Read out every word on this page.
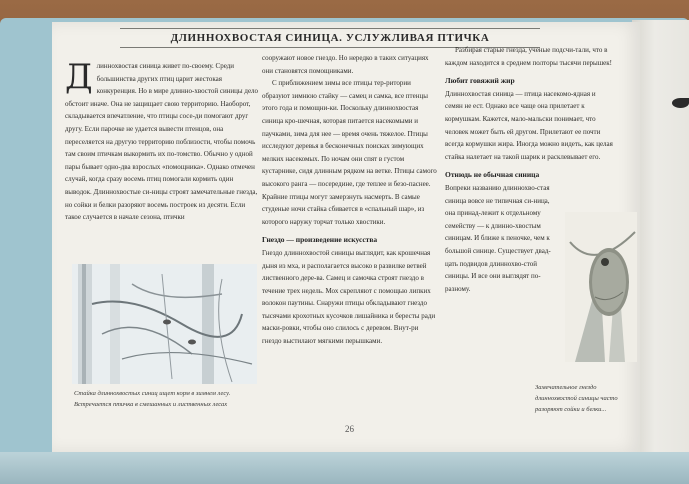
ДЛИННОХВОСТАЯ СИНИЦА. УСЛУЖЛИВАЯ ПТИЧКА
Длиннохвостая синица живет по-своему. Среди большинства других птиц царит жестокая конкуренция. Но в мире длинно-хвостой синицы дело обстоит иначе. Она не защищает свою территорию. Наоборот, складывается впечатление, что птицы сосе-ди помогают друг другу. Если парочке не удается вывести птенцов, она переселяется на другую территорию поблизости, чтобы помочь там своим птичкам выкормить их по-томство. Обычно у одной пары бывает одно-два взрослых «помощника». Однако отмечен случай, когда сразу восемь птиц помогали кормить один выводок. Длиннохвостые си-ницы строят замечательные гнезда, но сойки и белки разоряют восемь построек из десяти. Если такое случается в начале сезона, птички
Стайка длиннохвостых синиц ищет корм в зимнем лесу. Встречается птичка в смешанных и лиственных лесах
сооружают новое гнездо. Но нередко в таких ситуациях они становятся помощниками.
С приближением зимы все птицы тер-ритории образуют зимнюю стайку — самец и самка, все птенцы этого года и помощни-ки. Поскольку длиннохвостая синица кро-шечная, которая питается насекомыми и паучками, зима для нее — время очень тяжелое. Птицы исследуют деревья в бесконечных поисках зимующих мелких насекомых. По ночам они спят в густом кустарнике, сидя длинным рядком на ветке. Птицы самого высокого ранга — посередине, где теплее и безо-паснее. Крайние птицы могут замерзнуть насмерть. В самые студеные ночи стайка сбивается в «спальный шар», из которого наружу торчат только хвостики.
Гнездо — произведение искусства
Гнездо длиннохвостой синицы выглядит, как крошечная дыня из мха, и располагается высоко в развилке ветвей лиственного дере-ва. Самец и самочка строят гнездо в течение трех недель. Мох скрепляют с помощью липких волокон паутины. Снаружи птицы обкладывают гнездо тысячами крохотных кусочков лишайника и бересты ради маски-ровки, чтобы оно слилось с деревом. Внут-ри гнездо выстилают мягкими перышками.
Разбирая старые гнезда, ученые подсчи-тали, что в каждом находится в среднем полторы тысячи перышек!
Любит говяжий жир
Длиннохвостая синица — птица насекомо-ядная и семян не ест. Однако все чаще она прилетает к кормушкам. Кажется, мало-мальски понимает, что человек может быть ей другом. Прилетают ее почти всегда кормушки жира. Иногда можно видеть, как целая стайка налетает на такой шарик и расклевывает его.
Отнюдь не обычная синица
Вопреки названию длиннохво-стая синица вовсе не типичная си-ница, она принад-лежит к отдельному семейству — к длинно-хвостым синицам. И ближе к пеночке, чем к большой синице. Существует двад-цать подвидов длиннохво-стой синицы. И все они выглядят по-разному.
Замечательное гнездо длиннохвостой синицы часто разоряют сойки и белки...
26
